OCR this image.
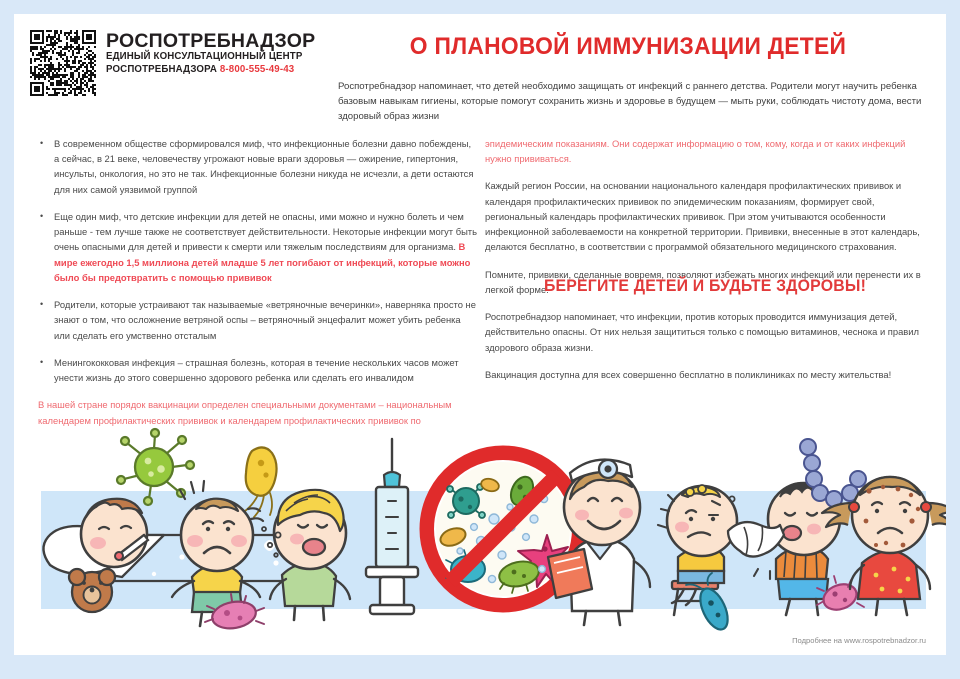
РОСПОТРЕБНАДЗОР
ЕДИНЫЙ КОНСУЛЬТАЦИОННЫЙ ЦЕНТР
РОСПОТРЕБНАДЗОРА 8-800-555-49-43
О ПЛАНОВОЙ ИММУНИЗАЦИИ ДЕТЕЙ
Роспотребнадзор напоминает, что детей необходимо защищать от инфекций с раннего детства. Родители могут научить ребенка базовым навыкам гигиены, которые помогут сохранить жизнь и здоровье в будущем — мыть руки, соблюдать чистоту дома, вести здоровый образ жизни
• В современном обществе сформировался миф, что инфекционные болезни давно побеждены, а сейчас, в 21 веке, человечеству угрожают новые враги здоровья — ожирение, гипертония, инсульты, онкология, но это не так. Инфекционные болезни никуда не исчезли, а дети остаются для них самой уязвимой группой
• Еще один миф, что детские инфекции для детей не опасны, ими можно и нужно болеть и чем раньше - тем лучше также не соответствует действительности. Некоторые инфекции могут быть очень опасными для детей и привести к смерти или тяжелым последствиям для организма. В мире ежегодно 1,5 миллиона детей младше 5 лет погибают от инфекций, которые можно было бы предотвратить с помощью прививок
• Родители, которые устраивают так называемые «ветряночные вечеринки», наверняка просто не знают о том, что осложнение ветряной оспы – ветряночный энцефалит может убить ребенка или сделать его умственно отсталым
• Менингококковая инфекция – страшная болезнь, которая в течение нескольких часов может унести жизнь до этого совершенно здорового ребенка или сделать его инвалидом
В нашей стране порядок вакцинации определен специальными документами – национальным календарем профилактических прививок и календарем профилактических прививок по
эпидемическим показаниям. Они содержат информацию о том, кому, когда и от каких инфекций нужно прививаться.
Каждый регион России, на основании национального календаря профилактических прививок и календаря профилактических прививок по эпидемическим показаниям, формирует свой, региональный календарь профилактических прививок. При этом учитываются особенности инфекционной заболеваемости на конкретной территории. Прививки, внесенные в этот календарь, делаются бесплатно, в соответствии с программой обязательного медицинского страхования.
Помните, прививки, сделанные вовремя, позволяют избежать многих инфекций или перенести их в легкой форме.
Роспотребнадзор напоминает, что инфекции, против которых проводится иммунизация детей, действительно опасны. От них нельзя защититься только с помощью витаминов, чеснока и правил здорового образа жизни.
Вакцинация доступна для всех совершенно бесплатно в поликлиниках по месту жительства!
БЕРЕГИТЕ ДЕТЕЙ И БУДЬТЕ ЗДОРОВЫ!
Подробнее на www.rospotrebnadzor.ru
